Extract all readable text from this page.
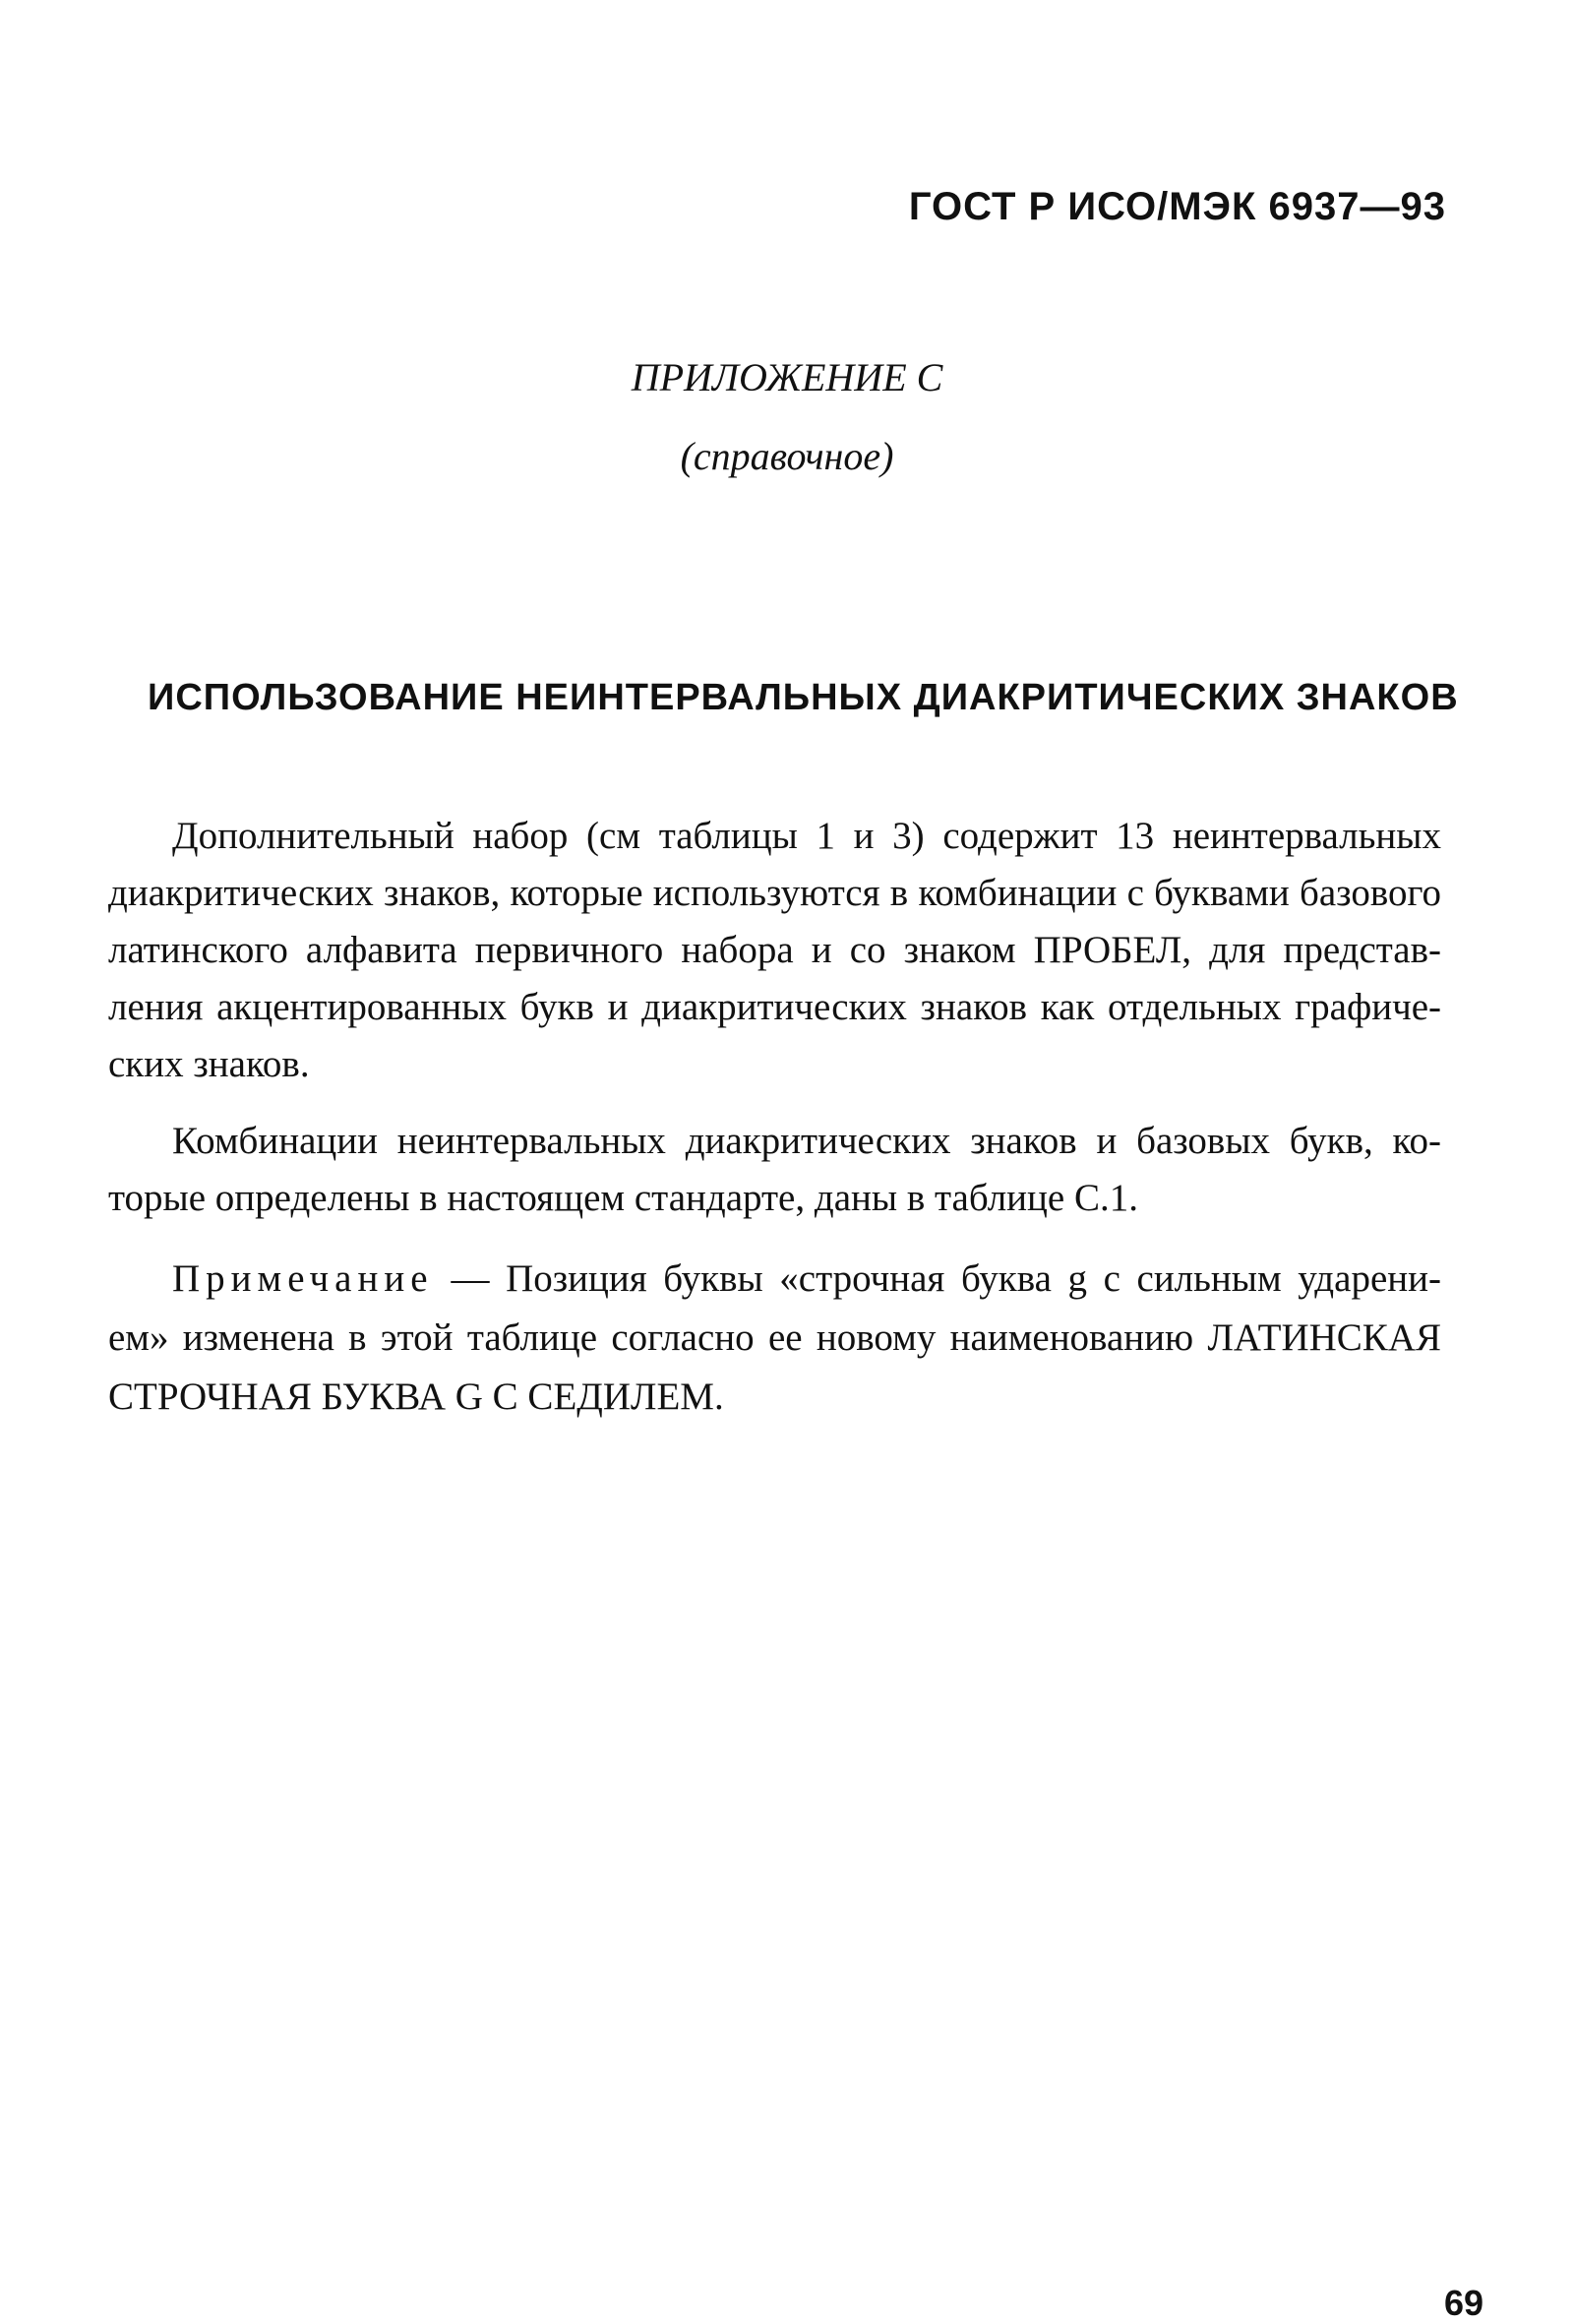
ГОСТ Р ИСО/МЭК 6937—93
ПРИЛОЖЕНИЕ С
(справочное)
ИСПОЛЬЗОВАНИЕ НЕИНТЕРВАЛЬНЫХ ДИАКРИТИЧЕСКИХ ЗНАКОВ
Дополнительный набор (см таблицы 1 и 3) содержит 13 неинтервальных
диакритических знаков, которые используются в комбинации с буквами базового
латинского алфавита первичного набора и со знаком ПРОБЕЛ, для представ-
ления акцентированных букв и диакритических знаков как отдельных графиче-
ских знаков.
Комбинации неинтервальных диакритических знаков и базовых букв, ко-
торые определены в настоящем стандарте, даны в таблице С.1.
Примечание — Позиция буквы «строчная буква g с сильным ударени-
ем» изменена в этой таблице согласно ее новому наименованию ЛАТИНСКАЯ
СТРОЧНАЯ БУКВА G С СЕДИЛЕМ.
69
